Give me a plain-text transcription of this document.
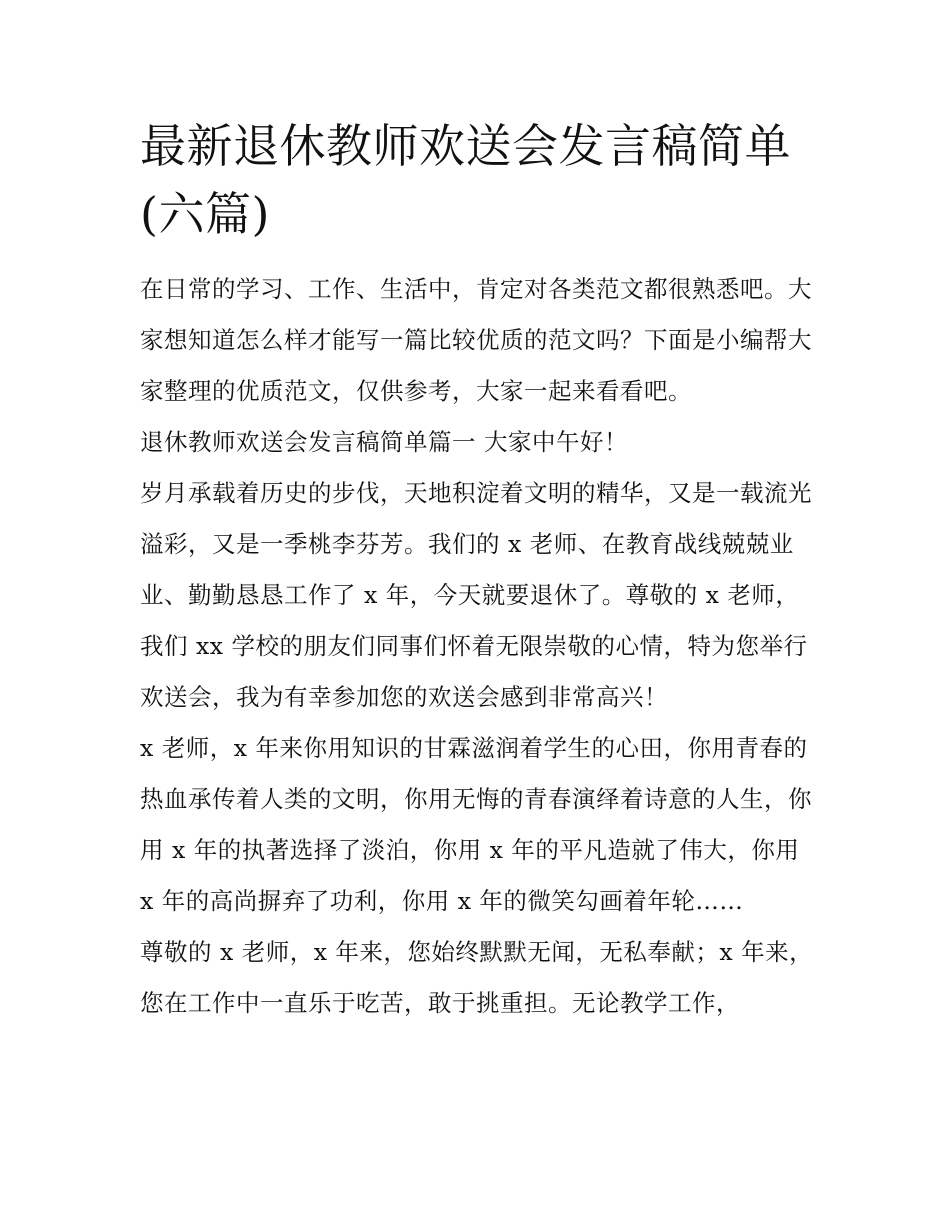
最新退休教师欢送会发言稿简单(六篇)

在日常的学习、工作、生活中，肯定对各类范文都很熟悉吧。大家想知道怎么样才能写一篇比较优质的范文吗？下面是小编帮大家整理的优质范文，仅供参考，大家一起来看看吧。

退休教师欢送会发言稿简单篇一 大家中午好！

岁月承载着历史的步伐，天地积淀着文明的精华，又是一载流光溢彩，又是一季桃李芬芳。我们的 x 老师、在教育战线兢兢业业、勤勤恳恳工作了 x 年，今天就要退休了。尊敬的 x 老师，我们 xx 学校的朋友们同事们怀着无限崇敬的心情，特为您举行欢送会，我为有幸参加您的欢送会感到非常高兴！

x 老师，x 年来你用知识的甘霖滋润着学生的心田，你用青春的热血承传着人类的文明，你用无悔的青春演绎着诗意的人生，你用 x 年的执著选择了淡泊，你用 x 年的平凡造就了伟大，你用 x 年的高尚摒弃了功利，你用 x 年的微笑勾画着年轮……

尊敬的 x 老师，x 年来，您始终默默无闻，无私奉献；x 年来，您在工作中一直乐于吃苦，敢于挑重担。无论教学工作，
